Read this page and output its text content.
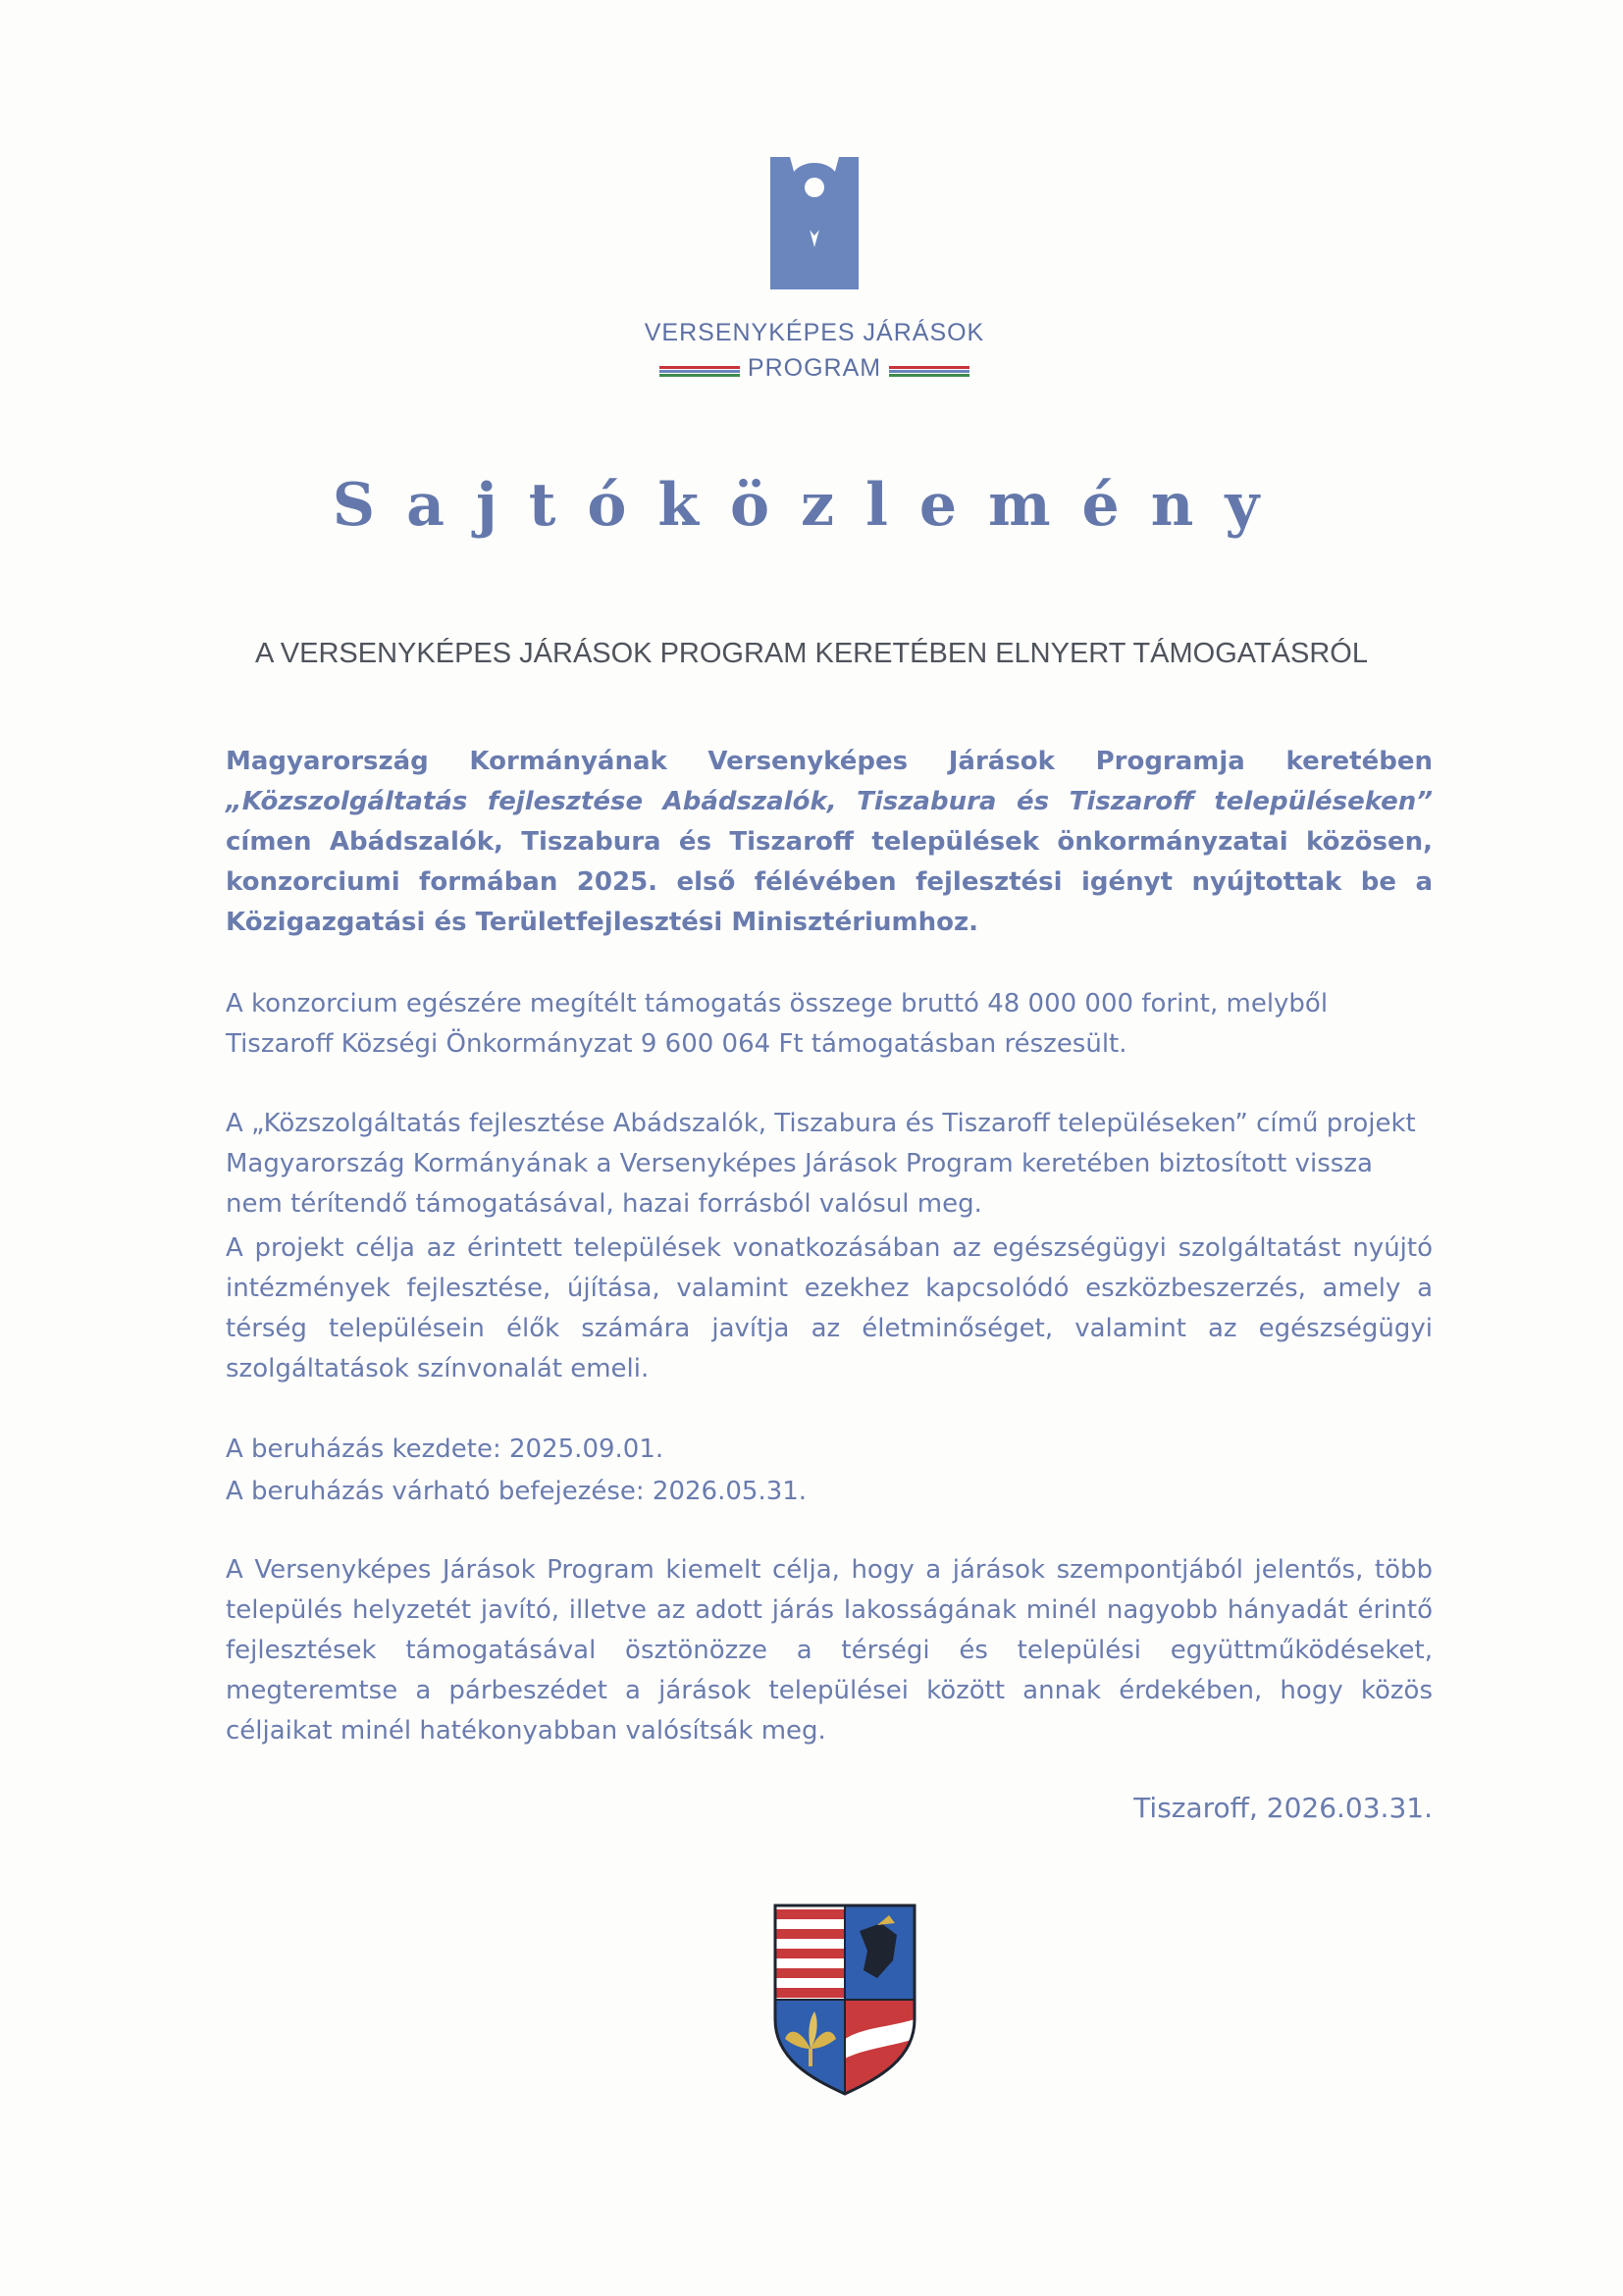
VERSENYKÉPES JÁRÁSOK
PROGRAM
Sajtóközlemény
A VERSENYKÉPES JÁRÁSOK PROGRAM KERETÉBEN ELNYERT TÁMOGATÁSRÓL
Magyarország Kormányának Versenyképes Járások Programja keretében „Közszolgáltatás fejlesztése Abádszalók, Tiszabura és Tiszaroff településeken” címen Abádszalók, Tiszabura és Tiszaroff települések önkormányzatai közösen, konzorciumi formában 2025. első félévében fejlesztési igényt nyújtottak be a Közigazgatási és Területfejlesztési Minisztériumhoz.
A konzorcium egészére megítélt támogatás összege bruttó 48 000 000 forint, melyből Tiszaroff Községi Önkormányzat 9 600 064 Ft támogatásban részesült.
A „Közszolgáltatás fejlesztése Abádszalók, Tiszabura és Tiszaroff településeken” című projekt Magyarország Kormányának a Versenyképes Járások Program keretében biztosított vissza nem térítendő támogatásával, hazai forrásból valósul meg.
A projekt célja az érintett települések vonatkozásában az egészségügyi szolgáltatást nyújtó intézmények fejlesztése, újítása, valamint ezekhez kapcsolódó eszközbeszerzés, amely a térség településein élők számára javítja az életminőséget, valamint az egészségügyi szolgáltatások színvonalát emeli.
A beruházás kezdete: 2025.09.01.
A beruházás várható befejezése: 2026.05.31.
A Versenyképes Járások Program kiemelt célja, hogy a járások szempontjából jelentős, több település helyzetét javító, illetve az adott járás lakosságának minél nagyobb hányadát érintő fejlesztések támogatásával ösztönözze a térségi és települési együttműködéseket, megteremtse a párbeszédet a járások települései között annak érdekében, hogy közös céljaikat minél hatékonyabban valósítsák meg.
Tiszaroff, 2026.03.31.
